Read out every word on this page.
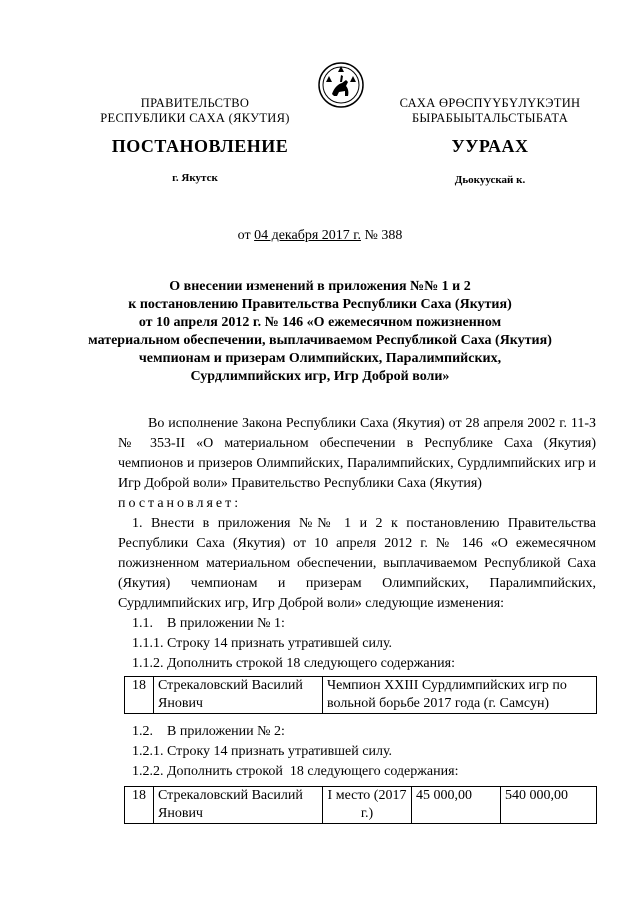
ПРАВИТЕЛЬСТВО
РЕСПУБЛИКИ САХА (ЯКУТИЯ)
САХА ӨРӨСПҮҮБҮЛҮКЭТИН
БЫРАБЫЫТАЛЬСТЫБАТА
ПОСТАНОВЛЕНИЕ	УУРААХ
г. Якутск	Дьокуускай к.
от 04 декабря 2017 г. № 388
О внесении изменений в приложения №№ 1 и 2
к постановлению Правительства Республики Саха (Якутия)
от 10 апреля 2012 г. № 146 «О ежемесячном пожизненном
материальном обеспечении, выплачиваемом Республикой Саха (Якутия)
чемпионам и призерам Олимпийских, Паралимпийских,
Сурдлимпийских игр, Игр Доброй воли»
Во исполнение Закона Республики Саха (Якутия) от 28 апреля 2002 г. 11-З № 353-II «О материальном обеспечении в Республике Саха (Якутия) чемпионов и призеров Олимпийских, Паралимпийских, Сурдлимпийских игр и Игр Доброй воли» Правительство Республики Саха (Якутия)
постановляет:
1. Внести в приложения №№ 1 и 2 к постановлению Правительства Республики Саха (Якутия) от 10 апреля 2012 г. № 146 «О ежемесячном пожизненном материальном обеспечении, выплачиваемом Республикой Саха (Якутия) чемпионам и призерам Олимпийских, Паралимпийских, Сурдлимпийских игр, Игр Доброй воли» следующие изменения:
1.1.    В приложении № 1:
1.1.1. Строку 14 признать утратившей силу.
1.1.2. Дополнить строкой 18 следующего содержания:
18	Стрекаловский Василий Янович	Чемпион XXIII Сурдлимпийских игр по вольной борьбе 2017 года (г. Самсун)
1.2.    В приложении № 2:
1.2.1. Строку 14 признать утратившей силу.
1.2.2. Дополнить строкой  18 следующего содержания:
18	Стрекаловский Василий Янович	I место (2017 г.)	45 000,00	540 000,00
